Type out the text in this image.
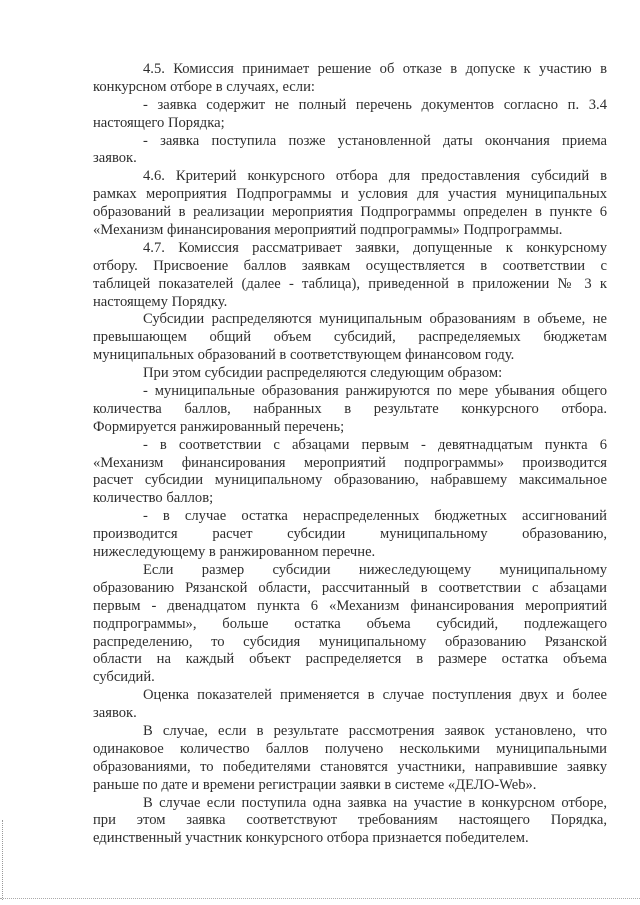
4.5. Комиссия принимает решение об отказе в допуске к участию в
конкурсном отборе в случаях, если:
- заявка содержит не полный перечень документов согласно п. 3.4
настоящего Порядка;
- заявка поступила позже установленной даты окончания приема
заявок.
4.6. Критерий конкурсного отбора для предоставления субсидий в
рамках мероприятия Подпрограммы и условия для участия муниципальных
образований в реализации мероприятия Подпрограммы определен в пункте 6
«Механизм финансирования мероприятий подпрограммы» Подпрограммы.
4.7. Комиссия рассматривает заявки, допущенные к конкурсному
отбору. Присвоение баллов заявкам осуществляется в соответствии с
таблицей показателей (далее - таблица), приведенной в приложении № 3 к
настоящему Порядку.
Субсидии распределяются муниципальным образованиям в объеме, не
превышающем общий объем субсидий, распределяемых бюджетам
муниципальных образований в соответствующем финансовом году.
При этом субсидии распределяются следующим образом:
- муниципальные образования ранжируются по мере убывания общего
количества баллов, набранных в результате конкурсного отбора.
Формируется ранжированный перечень;
- в соответствии с абзацами первым - девятнадцатым пункта 6
«Механизм финансирования мероприятий подпрограммы» производится
расчет субсидии муниципальному образованию, набравшему максимальное
количество баллов;
- в случае остатка нераспределенных бюджетных ассигнований
производится расчет субсидии муниципальному образованию,
нижеследующему в ранжированном перечне.
Если размер субсидии нижеследующему муниципальному
образованию Рязанской области, рассчитанный в соответствии с абзацами
первым - двенадцатом пункта 6 «Механизм финансирования мероприятий
подпрограммы», больше остатка объема субсидий, подлежащего
распределению, то субсидия муниципальному образованию Рязанской
области на каждый объект распределяется в размере остатка объема
субсидий.
Оценка показателей применяется в случае поступления двух и более
заявок.
В случае, если в результате рассмотрения заявок установлено, что
одинаковое количество баллов получено несколькими муниципальными
образованиями, то победителями становятся участники, направившие заявку
раньше по дате и времени регистрации заявки в системе «ДЕЛО-Web».
В случае если поступила одна заявка на участие в конкурсном отборе,
при этом заявка соответствуют требованиям настоящего Порядка,
единственный участник конкурсного отбора признается победителем.
